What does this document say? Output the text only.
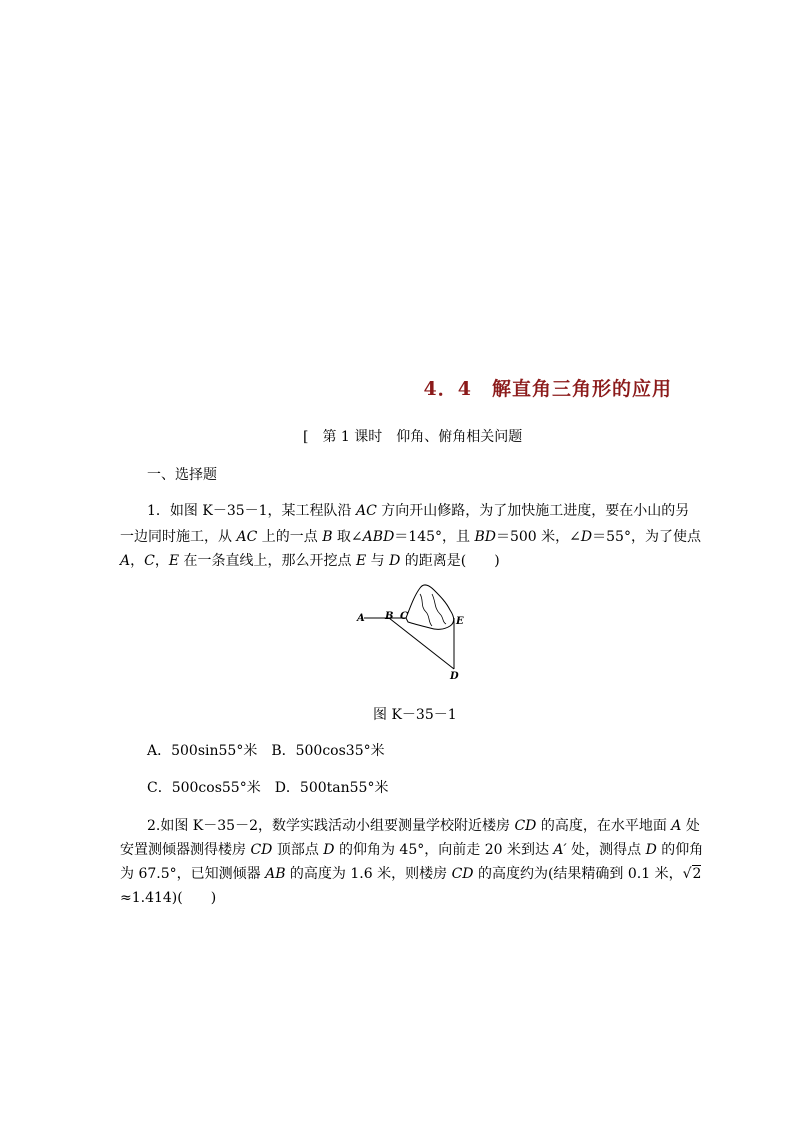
4．4　解直角三角形的应用
[　第 1 课时　仰角、俯角相关问题
一、选择题
1．如图 K－35－1，某工程队沿 AC 方向开山修路，为了加快施工进度，要在小山的另
一边同时施工，从 AC 上的一点 B 取∠ABD＝145°，且 BD＝500 米，∠D＝55°，为了使点
A，C，E 在一条直线上，那么开挖点 E 与 D 的距离是(　　)
A B C	E
D
图 K－35－1
A．500sin55°米　B．500cos35°米
C．500cos55°米　D．500tan55°米
2.如图 K－35－2，数学实践活动小组要测量学校附近楼房 CD 的高度，在水平地面 A 处
安置测倾器测得楼房 CD 顶部点 D 的仰角为 45°，向前走 20 米到达 A′ 处，测得点 D 的仰角
为 67.5°，已知测倾器 AB 的高度为 1.6 米，则楼房 CD 的高度约为(结果精确到 0.1 米，√2
≈1.414)(　　)
